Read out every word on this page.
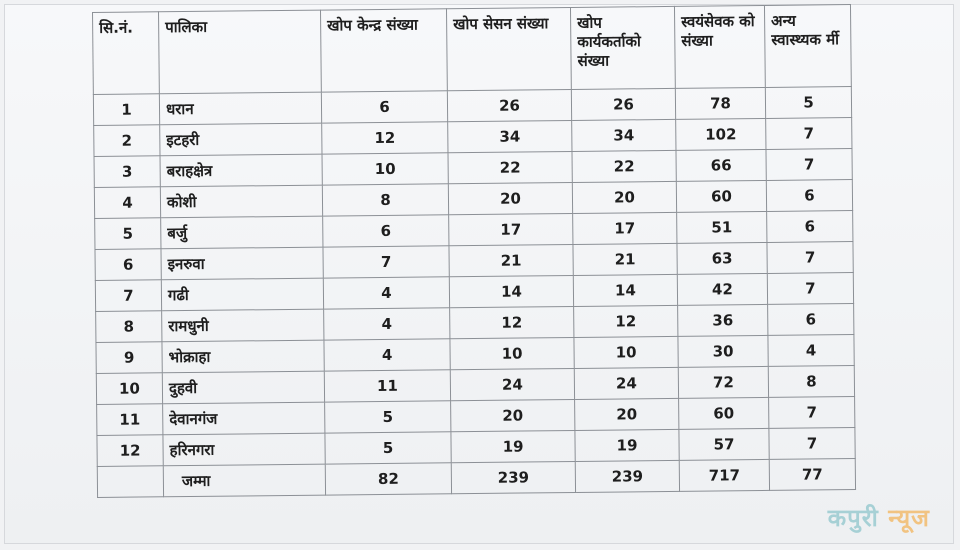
सि.नं.	पालिका	खोप केन्द्र संख्या	खोप सेसन संख्या	खोप कार्यकर्ताको संख्या	स्वयंसेवक को संख्या	अन्य स्वास्थ्यक र्मी
1	धरान	6	26	26	78	5
2	इटहरी	12	34	34	102	7
3	बराहक्षेत्र	10	22	22	66	7
4	कोशी	8	20	20	60	6
5	बर्जु	6	17	17	51	6
6	इनरुवा	7	21	21	63	7
7	गढी	4	14	14	42	7
8	रामधुनी	4	12	12	36	6
9	भोक्राहा	4	10	10	30	4
10	दुहवी	11	24	24	72	8
11	देवानगंज	5	20	20	60	7
12	हरिनगरा	5	19	19	57	7
	जम्मा	82	239	239	717	77
कपुरी न्यूज
